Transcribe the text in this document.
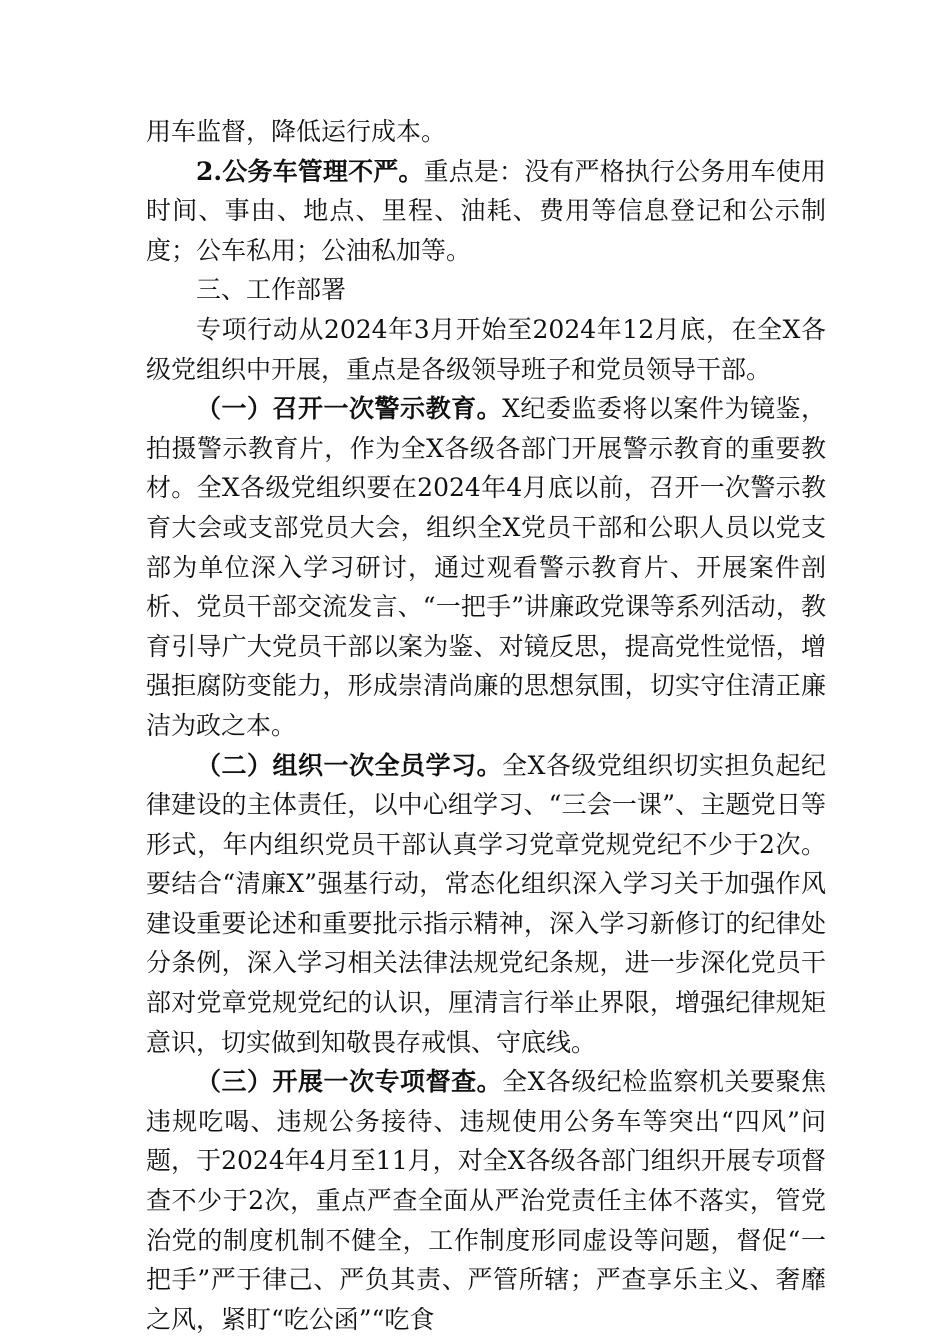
用车监督，降低运行成本。

2.公务车管理不严。重点是：没有严格执行公务用车使用时间、事由、地点、里程、油耗、费用等信息登记和公示制度；公车私用；公油私加等。

三、工作部署

专项行动从2024年3月开始至2024年12月底，在全X各级党组织中开展，重点是各级领导班子和党员领导干部。

（一）召开一次警示教育。X纪委监委将以案件为镜鉴，拍摄警示教育片，作为全X各级各部门开展警示教育的重要教材。全X各级党组织要在2024年4月底以前，召开一次警示教育大会或支部党员大会，组织全X党员干部和公职人员以党支部为单位深入学习研讨，通过观看警示教育片、开展案件剖析、党员干部交流发言、“一把手”讲廉政党课等系列活动，教育引导广大党员干部以案为鉴、对镜反思，提高党性觉悟，增强拒腐防变能力，形成崇清尚廉的思想氛围，切实守住清正廉洁为政之本。

（二）组织一次全员学习。全X各级党组织切实担负起纪律建设的主体责任，以中心组学习、“三会一课”、主题党日等形式，年内组织党员干部认真学习党章党规党纪不少于2次。要结合“清廉X”强基行动，常态化组织深入学习关于加强作风建设重要论述和重要批示指示精神，深入学习新修订的纪律处分条例，深入学习相关法律法规党纪条规，进一步深化党员干部对党章党规党纪的认识，厘清言行举止界限，增强纪律规矩意识，切实做到知敬畏存戒惧、守底线。

（三）开展一次专项督查。全X各级纪检监察机关要聚焦违规吃喝、违规公务接待、违规使用公务车等突出“四风”问题，于2024年4月至11月，对全X各级各部门组织开展专项督查不少于2次，重点严查全面从严治党责任主体不落实，管党治党的制度机制不健全，工作制度形同虚设等问题，督促“一把手”严于律己、严负其责、严管所辖；严查享乐主义、奢靡之风，紧盯“吃公函”“吃食
